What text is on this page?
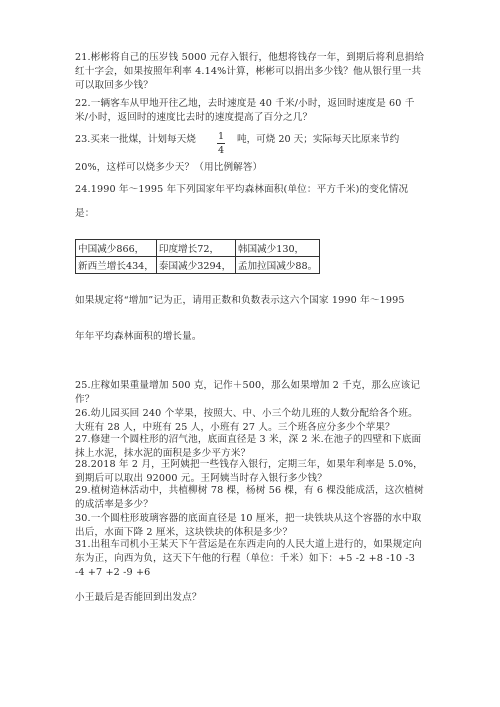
21.彬彬将自己的压岁钱 5000 元存入银行，他想将钱存一年，到期后将利息捐给红十字会，如果按照年利率 4.14%计算，彬彬可以捐出多少钱？他从银行里一共可以取回多少钱？

22.一辆客车从甲地开往乙地，去时速度是 40 千米/小时，返回时速度是 60 千米/小时，返回时的速度比去时的速度提高了百分之几？

23.买来一批煤，计划每天烧	1
4
吨，可烧 20 天；实际每天比原来节约

20%，这样可以烧多少天？（用比例解答）

24.1990 年～1995 年下列国家年平均森林面积(单位：平方千米)的变化情况

是：

中国减少866，	印度增长72，	韩国减少130，
新西兰增长434，	泰国减少3294，	孟加拉国减少88。

如果规定将“增加”记为正，请用正数和负数表示这六个国家 1990 年～1995

年年平均森林面积的增长量。

25.庄稼如果重量增加 500 克，记作＋500，那么如果增加 2 千克，那么应该记作？

26.幼儿园买回 240 个苹果，按照大、中、小三个幼儿班的人数分配给各个班。大班有 28 人，中班有 25 人，小班有 27 人。三个班各应分多少个苹果？

27.修建一个圆柱形的沼气池，底面直径是 3 米，深 2 米.在池子的四壁和下底面抹上水泥，抹水泥的面积是多少平方米？

28.2018 年 2 月，王阿姨把一些钱存入银行，定期三年，如果年利率是 5.0%，到期后可以取出 92000 元。王阿姨当时存入银行多少钱？

29.植树造林活动中，共植柳树 78 棵，杨树 56 棵，有 6 棵没能成活，这次植树的成活率是多少？

30.一个圆柱形玻璃容器的底面直径是 10 厘米，把一块铁块从这个容器的水中取出后，水面下降 2 厘米，这块铁块的体积是多少？

31.出租车司机小王某天下午营运是在东西走向的人民大道上进行的，如果规定向东为正，向西为负，这天下午他的行程（单位：千米）如下：+5 -2 +8 -10 -3 -4 +7 +2 -9 +6

小王最后是否能回到出发点？
